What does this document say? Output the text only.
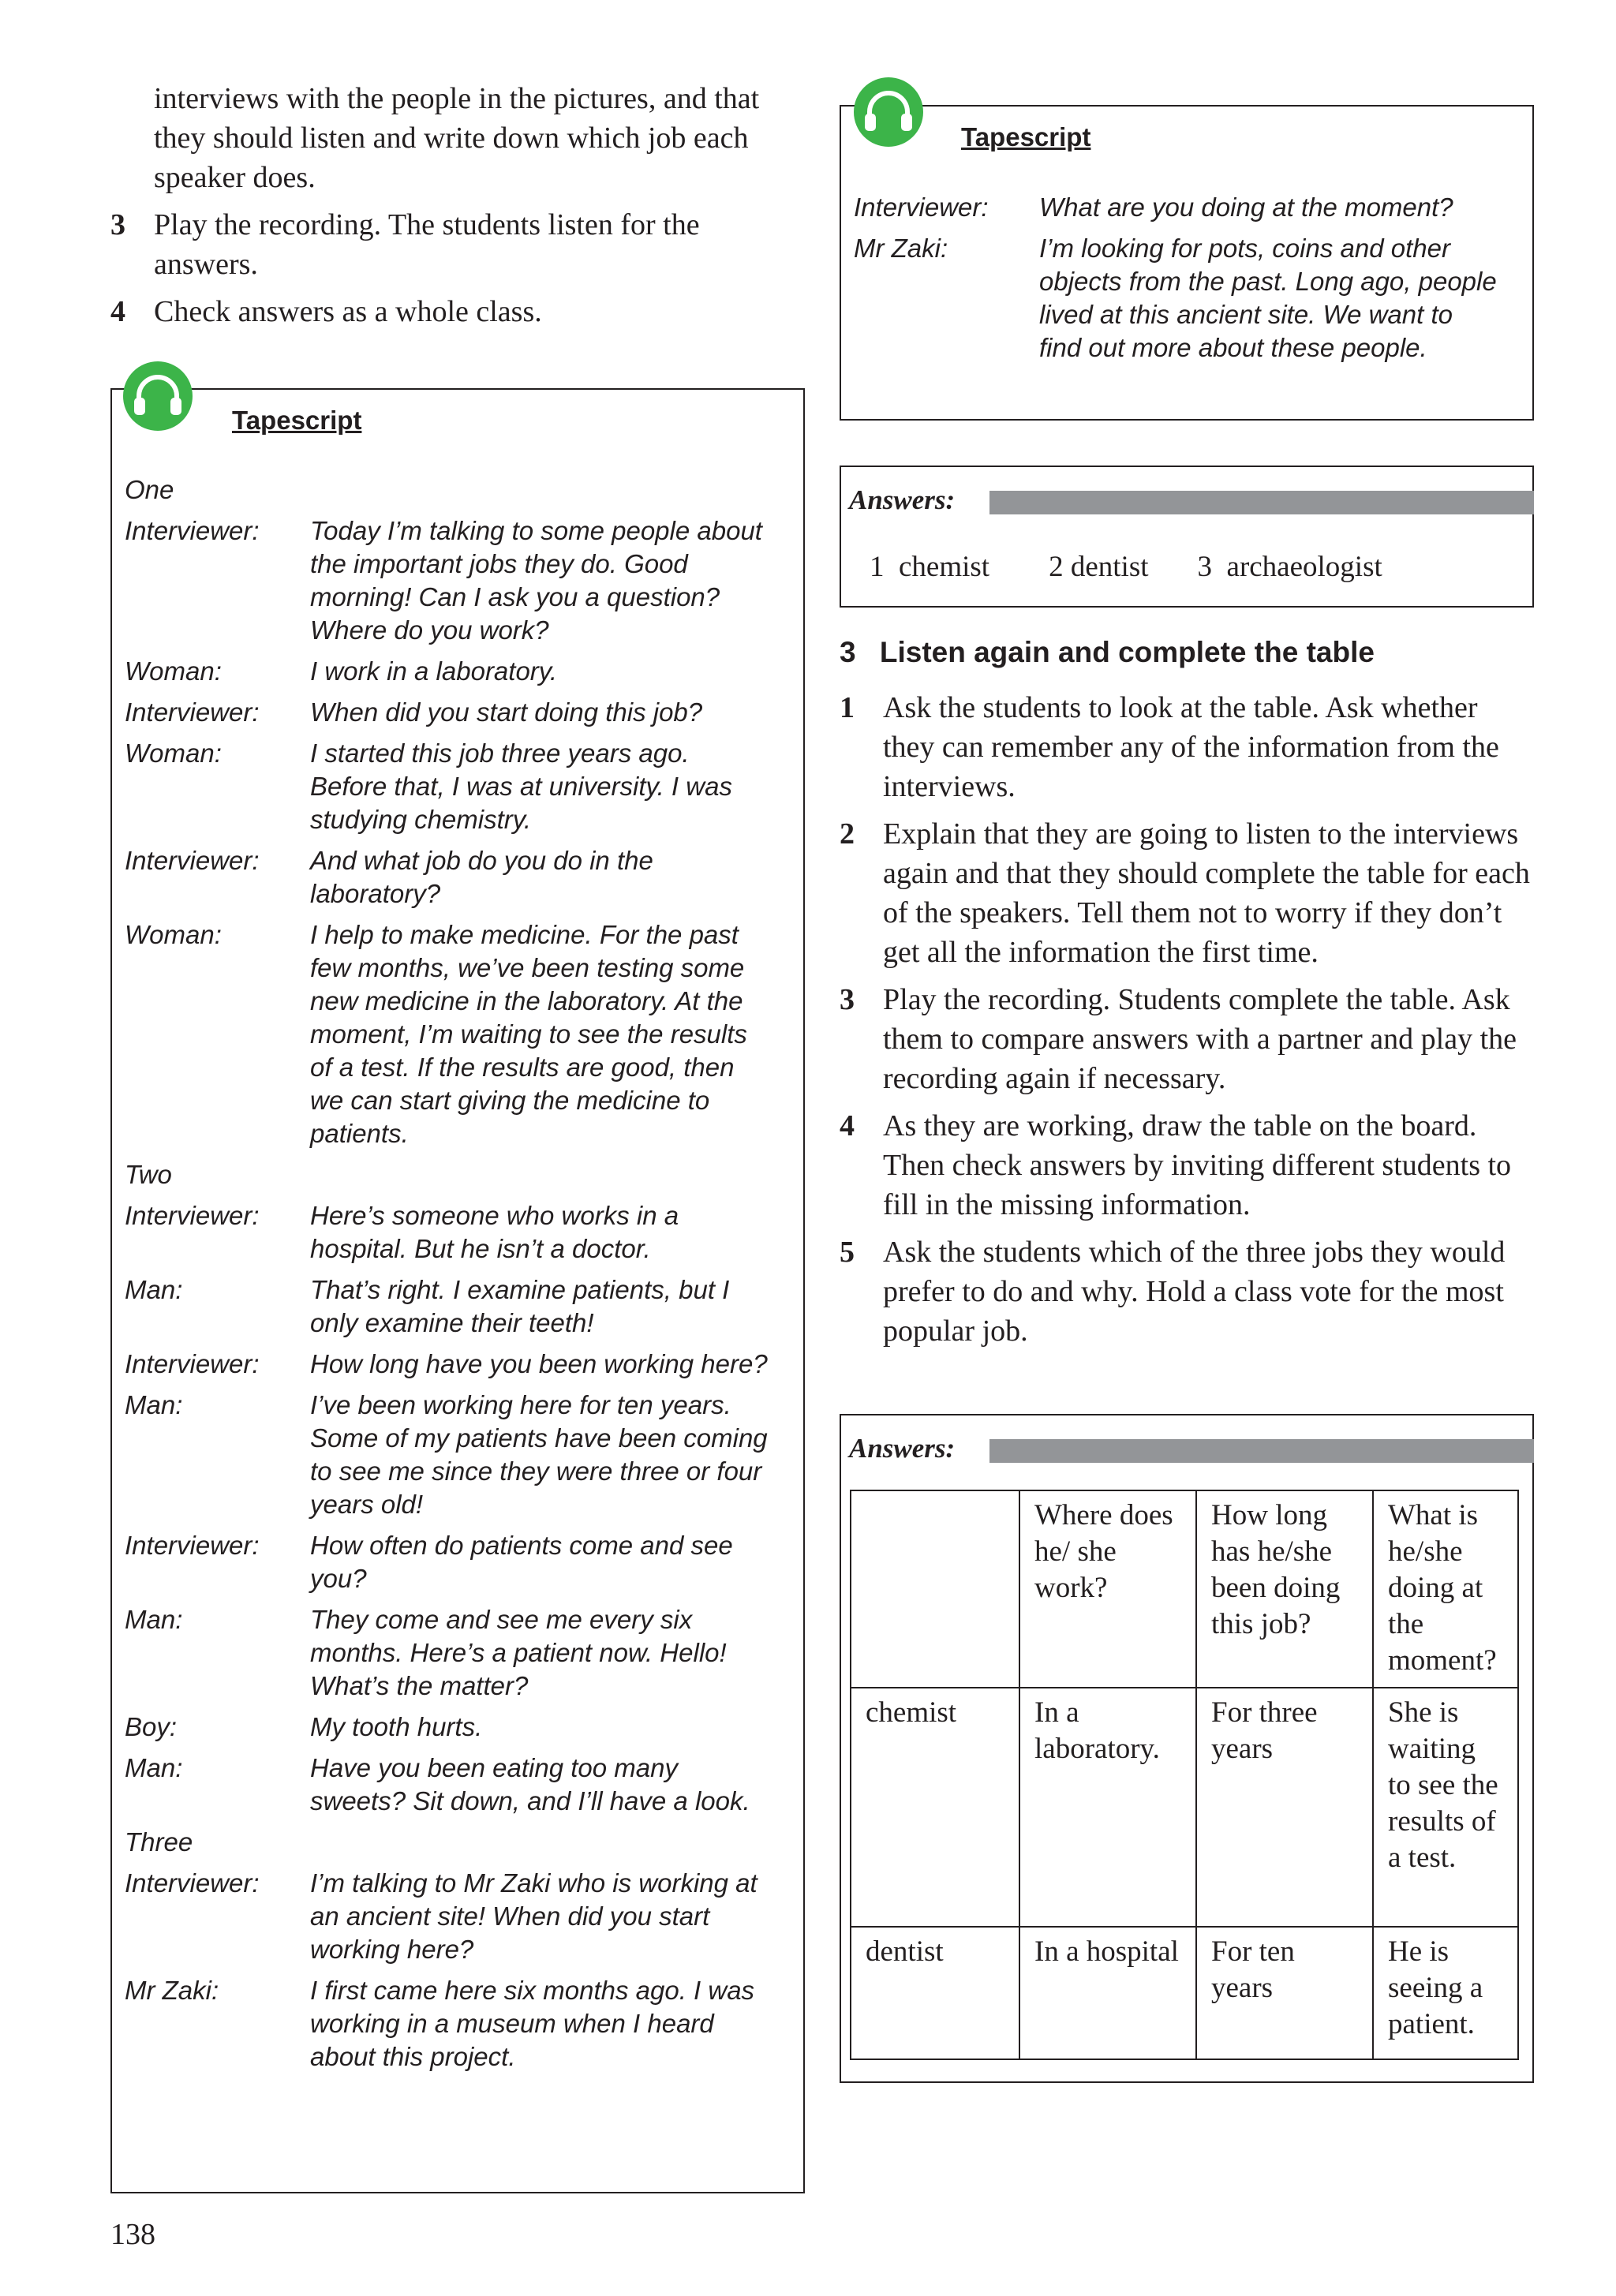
interviews with the people in the pictures, and that they should listen and write down which job each speaker does.
3 Play the recording. The students listen for the answers.
4 Check answers as a whole class.
Tapescript
One
Interviewer:	Today I’m talking to some people about the important jobs they do. Good morning! Can I ask you a question? Where do you work?
Woman:	I work in a laboratory.
Interviewer:	When did you start doing this job?
Woman:	I started this job three years ago. Before that, I was at university. I was studying chemistry.
Interviewer:	And what job do you do in the laboratory?
Woman:	I help to make medicine. For the past few months, we’ve been testing some new medicine in the laboratory. At the moment, I’m waiting to see the results of a test. If the results are good, then we can start giving the medicine to patients.
Two
Interviewer:	Here’s someone who works in a hospital. But he isn’t a doctor.
Man:	That’s right. I examine patients, but I only examine their teeth!
Interviewer:	How long have you been working here?
Man:	I’ve been working here for ten years. Some of my patients have been coming to see me since they were three or four years old!
Interviewer:	How often do patients come and see you?
Man:	They come and see me every six months. Here’s a patient now. Hello! What’s the matter?
Boy:	My tooth hurts.
Man:	Have you been eating too many sweets? Sit down, and I’ll have a look.
Three
Interviewer:	I’m talking to Mr Zaki who is working at an ancient site! When did you start working here?
Mr Zaki:	I first came here six months ago. I was working in a museum when I heard about this project.
Tapescript
Interviewer:	What are you doing at the moment?
Mr Zaki:	I’m looking for pots, coins and other objects from the past. Long ago, people lived at this ancient site. We want to find out more about these people.
Answers:
1  chemist 2 dentist 3  archaeologist
3 Listen again and complete the table
1 Ask the students to look at the table. Ask whether they can remember any of the information from the interviews.
2 Explain that they are going to listen to the interviews again and that they should complete the table for each of the speakers. Tell them not to worry if they don’t get all the information the first time.
3 Play the recording. Students complete the table. Ask them to compare answers with a partner and play the recording again if necessary.
4 As they are working, draw the table on the board. Then check answers by inviting different students to fill in the missing information.
5 Ask the students which of the three jobs they would prefer to do and why. Hold a class vote for the most popular job.
Answers:
	Where does he/ she work?	How long has he/she been doing this job?	What is he/she doing at the moment?
chemist	In a laboratory.	For three years	She is waiting to see the results of a test.
dentist	In a hospital	For ten years	He is seeing a patient.
138
